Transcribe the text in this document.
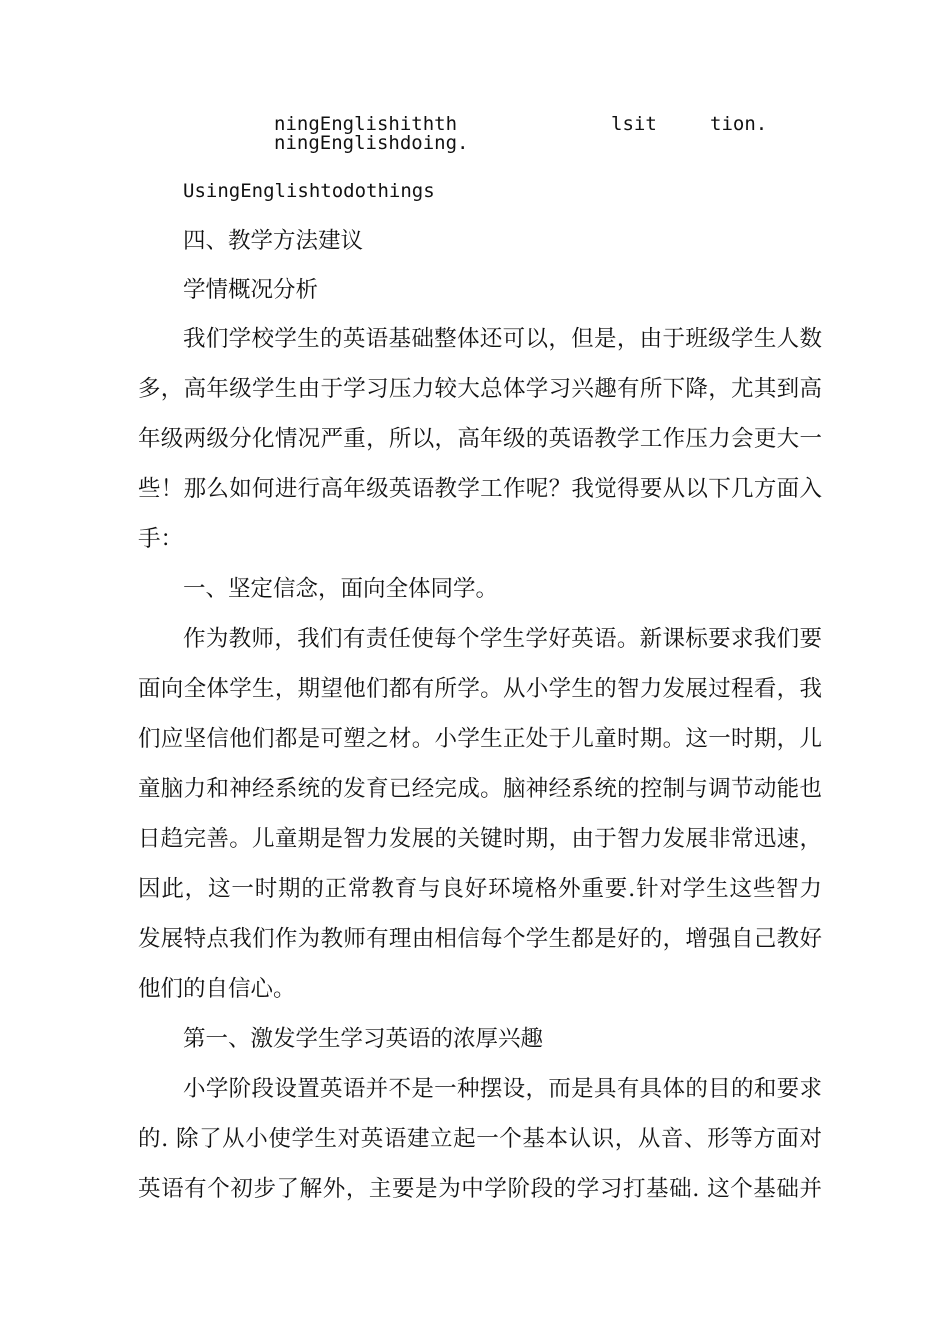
ningEnglishithth	lsit	tion.
ningEnglishdoing.
UsingEnglishtodothings
四、教学方法建议
学情概况分析
我们学校学生的英语基础整体还可以，但是，由于班级学生人数
多，高年级学生由于学习压力较大总体学习兴趣有所下降，尤其到高
年级两级分化情况严重，所以，高年级的英语教学工作压力会更大一
些！那么如何进行高年级英语教学工作呢？我觉得要从以下几方面入
手：
一、坚定信念，面向全体同学。
作为教师，我们有责任使每个学生学好英语。新课标要求我们要
面向全体学生，期望他们都有所学。从小学生的智力发展过程看，我
们应坚信他们都是可塑之材。小学生正处于儿童时期。这一时期，儿
童脑力和神经系统的发育已经完成。脑神经系统的控制与调节动能也
日趋完善。儿童期是智力发展的关键时期，由于智力发展非常迅速，
因此，这一时期的正常教育与良好环境格外重要.针对学生这些智力
发展特点我们作为教师有理由相信每个学生都是好的，增强自己教好
他们的自信心。
第一、激发学生学习英语的浓厚兴趣
小学阶段设置英语并不是一种摆设，而是具有具体的目的和要求
的. 除了从小使学生对英语建立起一个基本认识，从音、形等方面对
英语有个初步了解外，主要是为中学阶段的学习打基础. 这个基础并
